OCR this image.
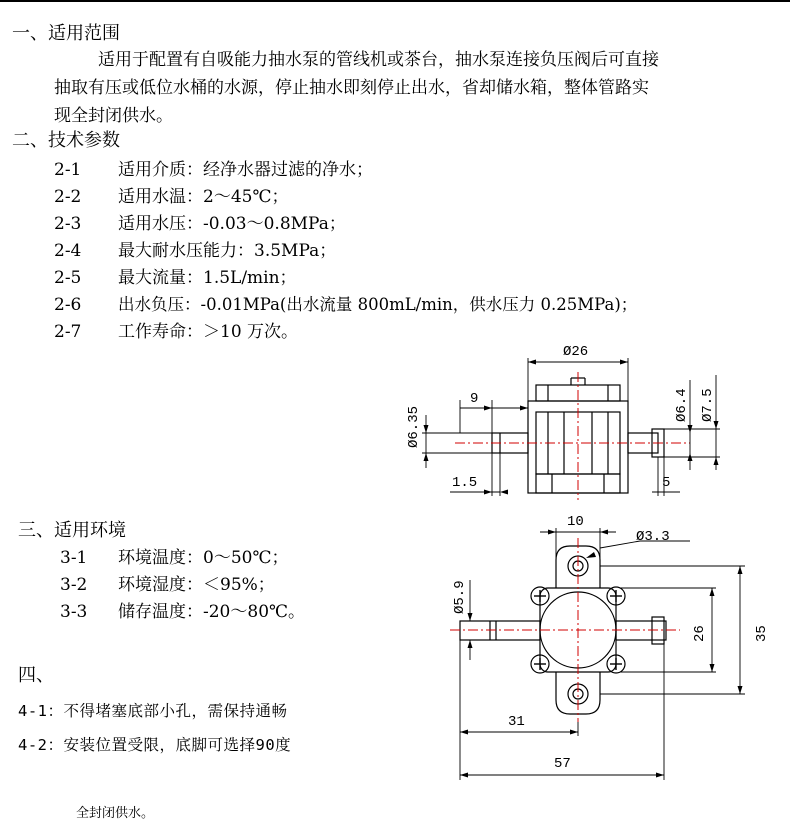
一、适用范围
适用于配置有自吸能力抽水泵的管线机或茶台，抽水泵连接负压阀后可直接
抽取有压或低位水桶的水源，停止抽水即刻停止出水，省却储水箱，整体管路实
现全封闭供水。
二、技术参数
2-1	适用介质：经净水器过滤的净水；
2-2	适用水温：2～45℃；
2-3	适用水压：-0.03～0.8MPa；
2-4	最大耐水压能力：3.5MPa；
2-5	最大流量：1.5L/min；
2-6	出水负压：-0.01MPa(出水流量 800mL/min，供水压力 0.25MPa)；
2-7	工作寿命：＞10 万次。
三、适用环境
3-1	环境温度：0～50℃；
3-2	环境湿度：＜95%；
3-3	储存温度：-20～80℃。
四、
4-1：不得堵塞底部小孔，需保持通畅
4-2：安装位置受限，底脚可选择90度
全封闭供水。
Ø26
9
Ø6.35
1.5	5
Ø6.4 Ø7.5
10
Ø3.3
Ø5.9
26	35
31
57
